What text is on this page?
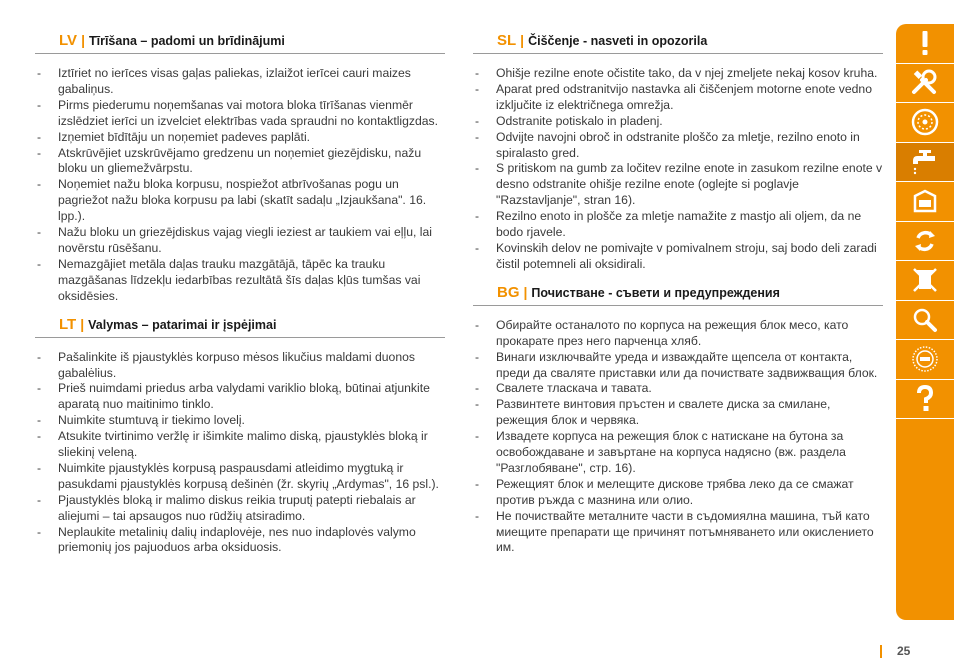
LV | Tīrīšana – padomi un brīdinājumi
- Iztīriet no ierīces visas gaļas paliekas, izlaižot ierīcei cauri maizes gabaliņus.
- Pirms piederumu noņemšanas vai motora bloka tīrīšanas vienmēr izslēdziet ierīci un izvelciet elektrības vada spraudni no kontaktligzdas.
- Izņemiet bīdītāju un noņemiet padeves paplāti.
- Atskrūvējiet uzskrūvējamo gredzenu un noņemiet giezējdisku, nažu bloku un gliemežvārpstu.
- Noņemiet nažu bloka korpusu, nospiežot atbrīvošanas pogu un pagriežot nažu bloka korpusu pa labi (skatīt sadaļu „Izjaukšana". 16. lpp.).
- Nažu bloku un griezējdiskus vajag viegli ieziest ar taukiem vai eļļu, lai novērstu rūsēšanu.
- Nemazgājiet metāla daļas trauku mazgātājā, tāpēc ka trauku mazgāšanas līdzekļu iedarbības rezultātā šīs daļas kļūs tumšas vai oksidēsies.
LT | Valymas – patarimai ir įspėjimai
- Pašalinkite iš pjaustyklės korpuso mėsos likučius maldami duonos gabalėlius.
- Prieš nuimdami priedus arba valydami variklio bloką, būtinai atjunkite aparatą nuo maitinimo tinklo.
- Nuimkite stumtuvą ir tiekimo lovelį.
- Atsukite tvirtinimo veržlę ir išimkite malimo diską, pjaustyklės bloką ir sliekinį veleną.
- Nuimkite pjaustyklės korpusą paspausdami atleidimo mygtuką ir pasukdami pjaustyklės korpusą dešinėn (žr. skyrių „Ardymas", 16 psl.).
- Pjaustyklės bloką ir malimo diskus reikia truputį patepti riebalais ar aliejumi – tai apsaugos nuo rūdžių atsiradimo.
- Neplaukite metalinių dalių indaplovėje, nes nuo indaplovės valymo priemonių jos pajuoduos arba oksiduosis.
SL | Čiščenje - nasveti in opozorila
- Ohišje rezilne enote očistite tako, da v njej zmeljete nekaj kosov kruha.
- Aparat pred odstranitvijo nastavka ali čiščenjem motorne enote vedno izključite iz električnega omrežja.
- Odstranite potiskalo in pladenj.
- Odvijte navojni obroč in odstranite ploščo za mletje, rezilno enoto in spiralasto gred.
- S pritiskom na gumb za ločitev rezilne enote in zasukom rezilne enote v desno odstranite ohišje rezilne enote (oglejte si poglavje "Razstavljanje", stran 16).
- Rezilno enoto in plošče za mletje namažite z mastjo ali oljem, da ne bodo rjavele.
- Kovinskih delov ne pomivajte v pomivalnem stroju, saj bodo deli zaradi čistil potemneli ali oksidirali.
BG | Почистване - съвети и предупреждения
- Обирайте останалото по корпуса на режещия блок месо, като прокарате през него парченца хляб.
- Винаги изключвайте уреда и изваждайте щепсела от контакта, преди да сваляте приставки или да почиствате задвижващия блок.
- Свалете тласкача и тавата.
- Развинтете винтовия пръстен и свалете диска за смилане, режещия блок и червяка.
- Извадете корпуса на режещия блок с натискане на бутона за освобождаване и завъртане на корпуса надясно (вж. раздела "Разглобяване", стр. 16).
- Режещият блок и мелещите дискове трябва леко да се смажат против ръжда с мазнина или олио.
- Не почиствайте металните части в съдомиялна машина, тъй като миещите препарати ще причинят потъмняването или окислението им.
25
